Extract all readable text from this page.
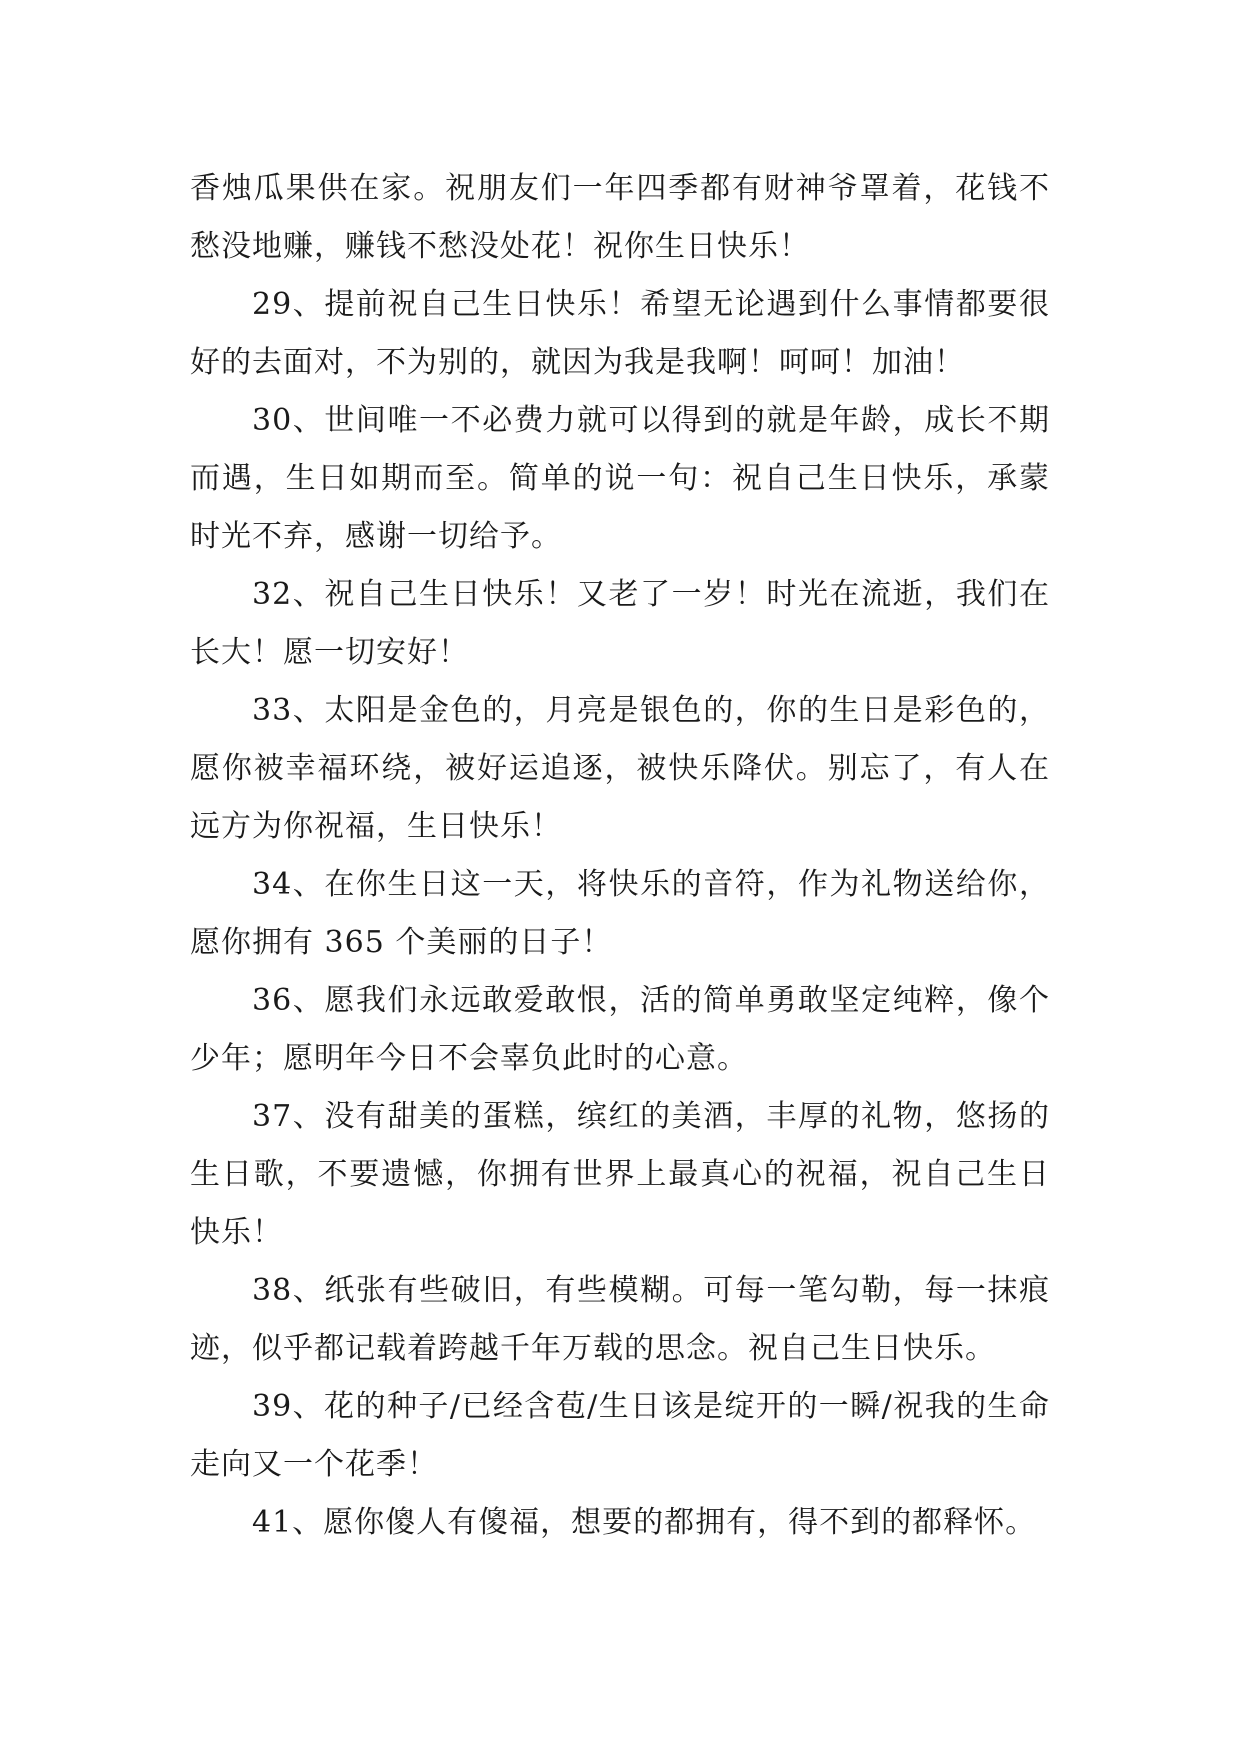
香烛瓜果供在家。祝朋友们一年四季都有财神爷罩着，花钱不愁没地赚，赚钱不愁没处花！祝你生日快乐！

29、提前祝自己生日快乐！希望无论遇到什么事情都要很好的去面对，不为别的，就因为我是我啊！呵呵！加油！

30、世间唯一不必费力就可以得到的就是年龄，成长不期而遇，生日如期而至。简单的说一句：祝自己生日快乐，承蒙时光不弃，感谢一切给予。

32、祝自己生日快乐！又老了一岁！时光在流逝，我们在长大！愿一切安好！

33、太阳是金色的，月亮是银色的，你的生日是彩色的，愿你被幸福环绕，被好运追逐，被快乐降伏。别忘了，有人在远方为你祝福，生日快乐！

34、在你生日这一天，将快乐的音符，作为礼物送给你，愿你拥有 365 个美丽的日子！

36、愿我们永远敢爱敢恨，活的简单勇敢坚定纯粹，像个少年；愿明年今日不会辜负此时的心意。

37、没有甜美的蛋糕，缤红的美酒，丰厚的礼物，悠扬的生日歌，不要遗憾，你拥有世界上最真心的祝福，祝自己生日快乐！

38、纸张有些破旧，有些模糊。可每一笔勾勒，每一抹痕迹，似乎都记载着跨越千年万载的思念。祝自己生日快乐。

39、花的种子/已经含苞/生日该是绽开的一瞬/祝我的生命走向又一个花季！

41、愿你傻人有傻福，想要的都拥有，得不到的都释怀。
